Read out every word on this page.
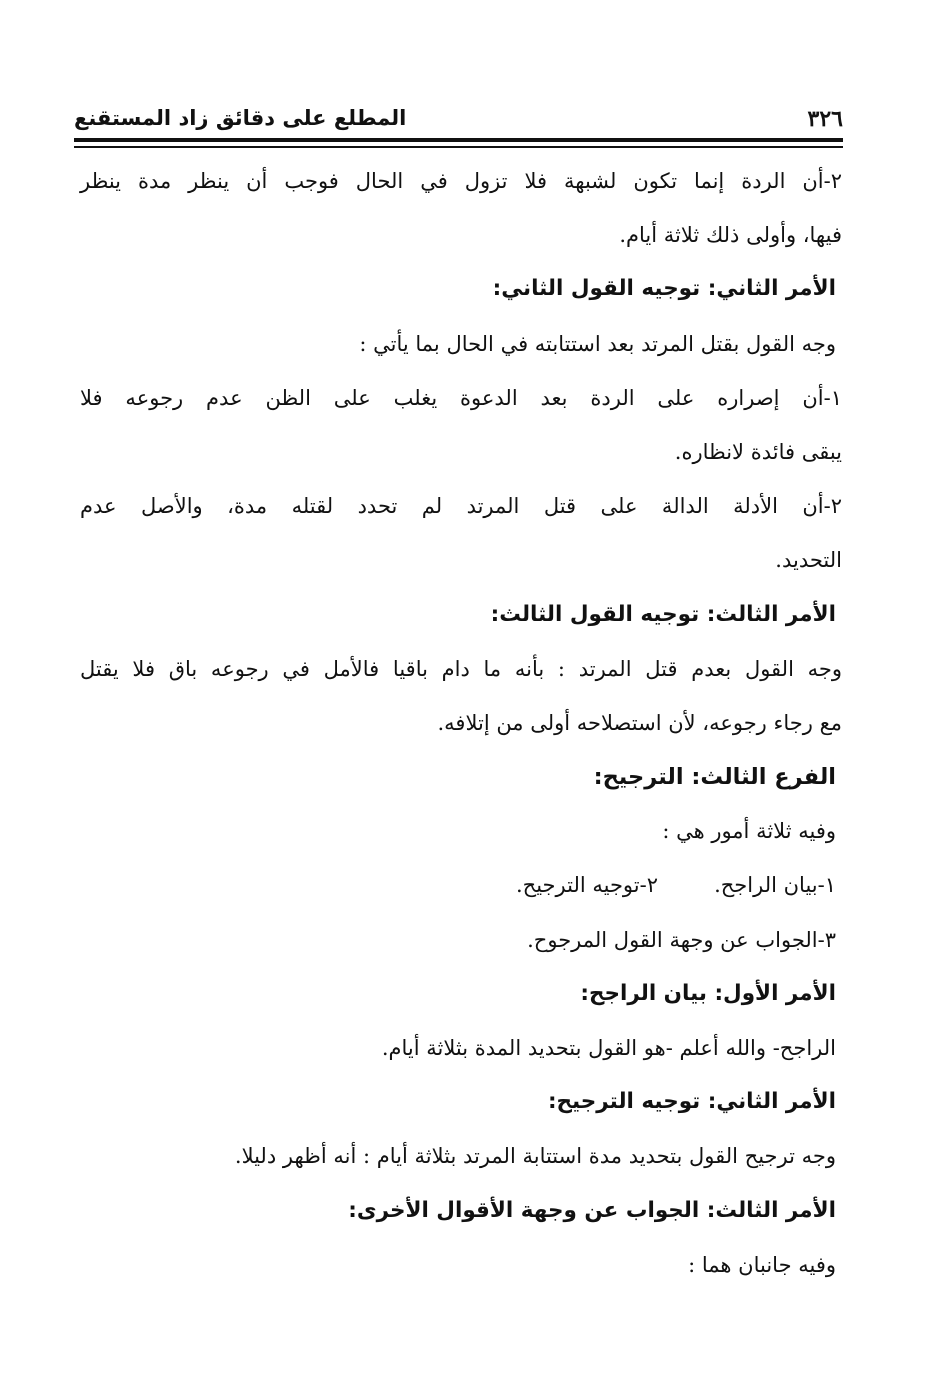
٣٢٦
المطلع على دقائق زاد المستقنع
٢-أن الردة إنما تكون لشبهة فلا تزول في الحال فوجب أن ينظر مدة ينظر
فيها، وأولى ذلك ثلاثة أيام.
الأمر الثاني: توجيه القول الثاني:
وجه القول بقتل المرتد بعد استتابته في الحال بما يأتي :
١-أن إصراره على الردة بعد الدعوة يغلب على الظن عدم رجوعه فلا
يبقى فائدة لانظاره.
٢-أن الأدلة الدالة على قتل المرتد لم تحدد لقتله مدة، والأصل عدم
التحديد.
الأمر الثالث: توجيه القول الثالث:
وجه القول بعدم قتل المرتد : بأنه ما دام باقيا فالأمل في رجوعه باق فلا يقتل
مع رجاء رجوعه، لأن استصلاحه أولى من إتلافه.
الفرع الثالث: الترجيح:
وفيه ثلاثة أمور هي :
١-بيان الراجح.
٢-توجيه الترجيح.
٣-الجواب عن وجهة القول المرجوح.
الأمر الأول: بيان الراجح:
الراجح- والله أعلم -هو القول بتحديد المدة بثلاثة أيام.
الأمر الثاني: توجيه الترجيح:
وجه ترجيح القول بتحديد مدة استتابة المرتد بثلاثة أيام : أنه أظهر دليلا.
الأمر الثالث: الجواب عن وجهة الأقوال الأخرى:
وفيه جانبان هما :
